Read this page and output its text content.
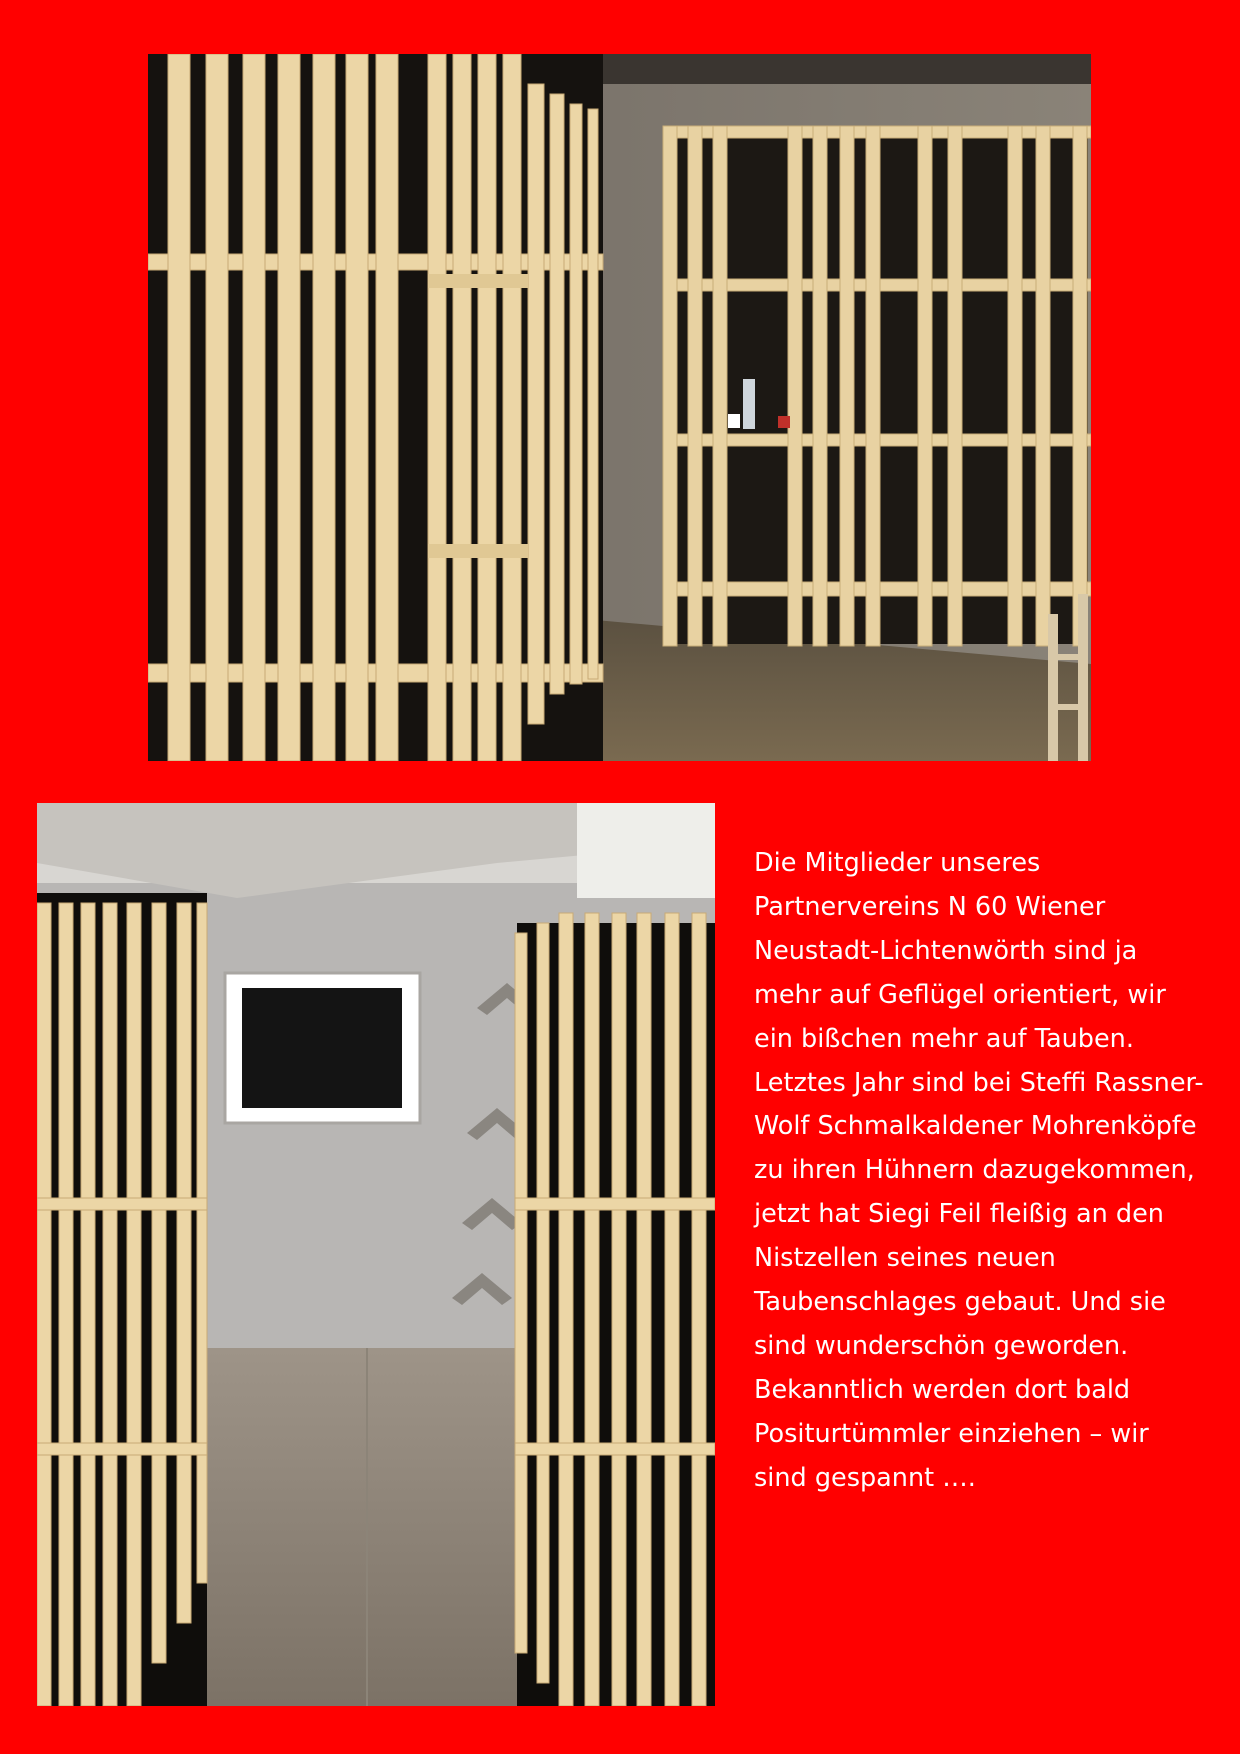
Die Mitglieder unseres Partnervereins N 60 Wiener Neustadt-Lichtenwörth sind ja mehr auf Geflügel orientiert, wir ein bißchen mehr auf Tauben.

Letztes Jahr sind bei Steffi Rassner-Wolf Schmalkaldener Mohrenköpfe zu ihren Hühnern dazugekommen, jetzt hat Siegi Feil fleißig an den Nistzellen seines neuen Taubenschlages gebaut. Und sie sind wunderschön geworden. Bekanntlich werden dort bald Positurtümmler einziehen – wir sind gespannt ….
